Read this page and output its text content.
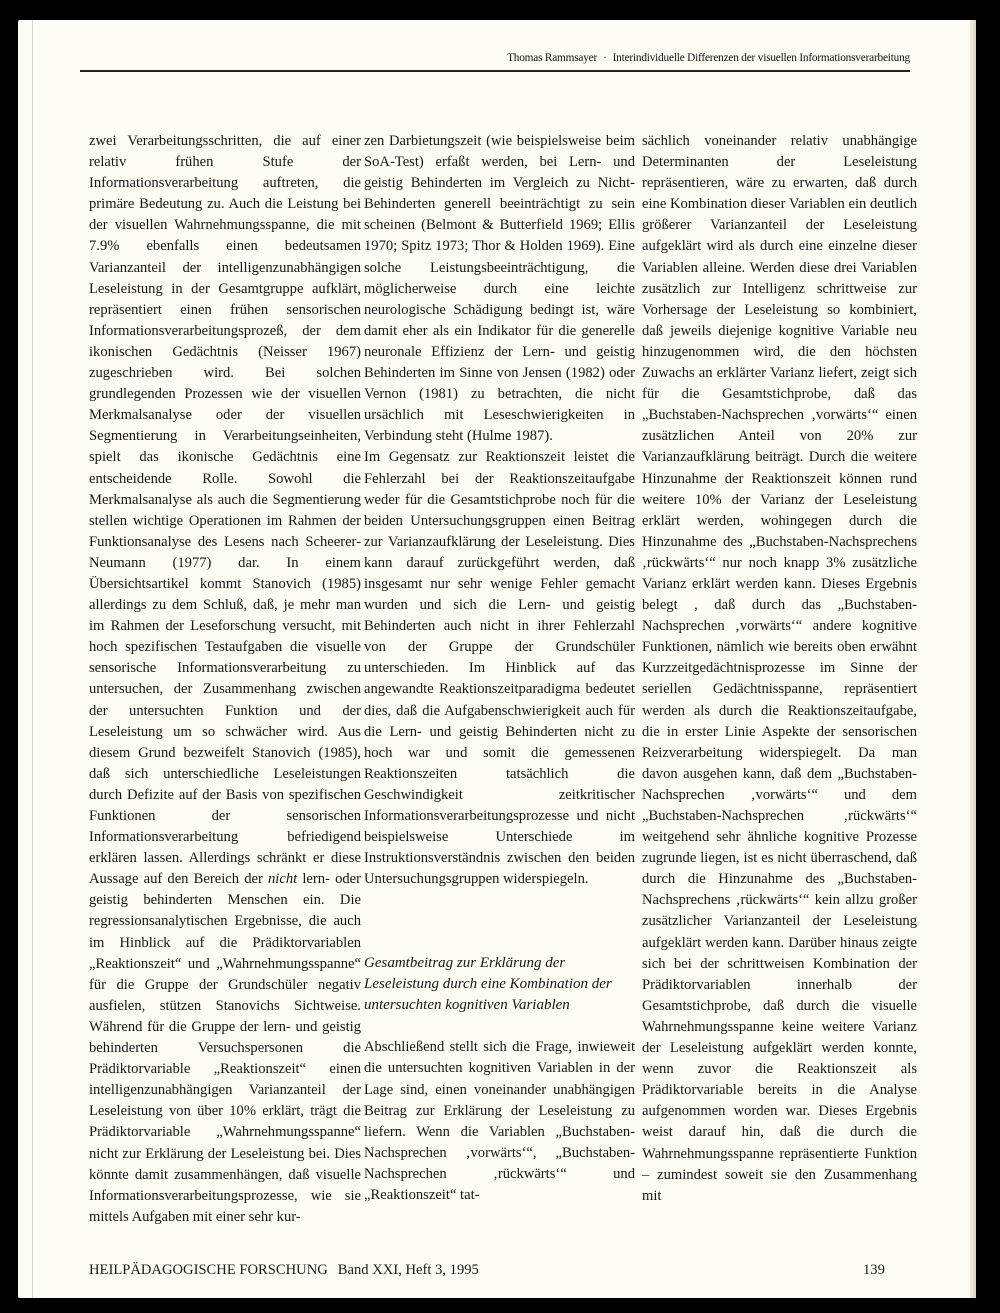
Thomas Rammsayer · Interindividuelle Differenzen der visuellen Informationsverarbeitung

zwei Verarbeitungsschritten, die auf einer relativ frühen Stufe der Informationsverarbeitung auftreten, die primäre Bedeutung zu. Auch die Leistung bei der visuellen Wahrnehmungsspanne, die mit 7.9% ebenfalls einen bedeutsamen Varianzanteil der intelligenzunabhängigen Leseleistung in der Gesamtgruppe aufklärt, repräsentiert einen frühen sensorischen Informationsverarbeitungsprozeß, der dem ikonischen Gedächtnis (Neisser 1967) zugeschrieben wird. Bei solchen grundlegenden Prozessen wie der visuellen Merkmalsanalyse oder der visuellen Segmentierung in Verarbeitungseinheiten, spielt das ikonische Gedächtnis eine entscheidende Rolle. Sowohl die Merkmalsanalyse als auch die Segmentierung stellen wichtige Operationen im Rahmen der Funktionsanalyse des Lesens nach Scheerer-Neumann (1977) dar. In einem Übersichtsartikel kommt Stanovich (1985) allerdings zu dem Schluß, daß, je mehr man im Rahmen der Leseforschung versucht, mit hoch spezifischen Testaufgaben die visuelle sensorische Informationsverarbeitung zu untersuchen, der Zusammenhang zwischen der untersuchten Funktion und der Leseleistung um so schwächer wird. Aus diesem Grund bezweifelt Stanovich (1985), daß sich unterschiedliche Leseleistungen durch Defizite auf der Basis von spezifischen Funktionen der sensorischen Informationsverarbeitung befriedigend erklären lassen. Allerdings schränkt er diese Aussage auf den Bereich der nicht lern- oder geistig behinderten Menschen ein. Die regressionsanalytischen Ergebnisse, die auch im Hinblick auf die Prädiktorvariablen „Reaktionszeit“ und „Wahrnehmungsspanne“ für die Gruppe der Grundschüler negativ ausfielen, stützen Stanovichs Sichtweise. Während für die Gruppe der lern- und geistig behinderten Versuchspersonen die Prädiktorvariable „Reaktionszeit“ einen intelligenzunabhängigen Varianzanteil der Leseleistung von über 10% erklärt, trägt die Prädiktorvariable „Wahrnehmungsspanne“ nicht zur Erklärung der Leseleistung bei. Dies könnte damit zusammenhängen, daß visuelle Informationsverarbeitungsprozesse, wie sie mittels Aufgaben mit einer sehr kur-

zen Darbietungszeit (wie beispielsweise beim SoA-Test) erfaßt werden, bei Lern- und geistig Behinderten im Vergleich zu Nicht-Behinderten generell beeinträchtigt zu sein scheinen (Belmont & Butterfield 1969; Ellis 1970; Spitz 1973; Thor & Holden 1969). Eine solche Leistungsbeeinträchtigung, die möglicherweise durch eine leichte neurologische Schädigung bedingt ist, wäre damit eher als ein Indikator für die generelle neuronale Effizienz der Lern- und geistig Behinderten im Sinne von Jensen (1982) oder Vernon (1981) zu betrachten, die nicht ursächlich mit Leseschwierigkeiten in Verbindung steht (Hulme 1987).

Im Gegensatz zur Reaktionszeit leistet die Fehlerzahl bei der Reaktionszeitaufgabe weder für die Gesamtstichprobe noch für die beiden Untersuchungsgruppen einen Beitrag zur Varianzaufklärung der Leseleistung. Dies kann darauf zurückgeführt werden, daß insgesamt nur sehr wenige Fehler gemacht wurden und sich die Lern- und geistig Behinderten auch nicht in ihrer Fehlerzahl von der Gruppe der Grundschüler unterschieden. Im Hinblick auf das angewandte Reaktionszeitparadigma bedeutet dies, daß die Aufgabenschwierigkeit auch für die Lern- und geistig Behinderten nicht zu hoch war und somit die gemessenen Reaktionszeiten tatsächlich die Geschwindigkeit zeitkritischer Informationsverarbeitungsprozesse und nicht beispielsweise Unterschiede im Instruktionsverständnis zwischen den beiden Untersuchungsgruppen widerspiegeln.

Gesamtbeitrag zur Erklärung der Leseleistung durch eine Kombination der untersuchten kognitiven Variablen

Abschließend stellt sich die Frage, inwieweit die untersuchten kognitiven Variablen in der Lage sind, einen voneinander unabhängigen Beitrag zur Erklärung der Leseleistung zu liefern. Wenn die Variablen „Buchstaben-Nachsprechen ‚vorwärts‘“, „Buchstaben-Nachsprechen ‚rückwärts‘“ und „Reaktionszeit“ tat-

sächlich voneinander relativ unabhängige Determinanten der Leseleistung repräsentieren, wäre zu erwarten, daß durch eine Kombination dieser Variablen ein deutlich größerer Varianzanteil der Leseleistung aufgeklärt wird als durch eine einzelne dieser Variablen alleine. Werden diese drei Variablen zusätzlich zur Intelligenz schrittweise zur Vorhersage der Leseleistung so kombiniert, daß jeweils diejenige kognitive Variable neu hinzugenommen wird, die den höchsten Zuwachs an erklärter Varianz liefert, zeigt sich für die Gesamtstichprobe, daß das „Buchstaben-Nachsprechen ‚vorwärts‘“ einen zusätzlichen Anteil von 20% zur Varianzaufklärung beiträgt. Durch die weitere Hinzunahme der Reaktionszeit können rund weitere 10% der Varianz der Leseleistung erklärt werden, wohingegen durch die Hinzunahme des „Buchstaben-Nachsprechens ‚rückwärts‘“ nur noch knapp 3% zusätzliche Varianz erklärt werden kann. Dieses Ergebnis belegt , daß durch das „Buchstaben-Nachsprechen ‚vorwärts‘“ andere kognitive Funktionen, nämlich wie bereits oben erwähnt Kurzzeitgedächtnisprozesse im Sinne der seriellen Gedächtnisspanne, repräsentiert werden als durch die Reaktionszeitaufgabe, die in erster Linie Aspekte der sensorischen Reizverarbeitung widerspiegelt. Da man davon ausgehen kann, daß dem „Buchstaben-Nachsprechen ‚vorwärts‘“ und dem „Buchstaben-Nachsprechen ‚rückwärts‘“ weitgehend sehr ähnliche kognitive Prozesse zugrunde liegen, ist es nicht überraschend, daß durch die Hinzunahme des „Buchstaben-Nachsprechens ‚rückwärts‘“ kein allzu großer zusätzlicher Varianzanteil der Leseleistung aufgeklärt werden kann. Darüber hinaus zeigte sich bei der schrittweisen Kombination der Prädiktorvariablen innerhalb der Gesamtstichprobe, daß durch die visuelle Wahrnehmungsspanne keine weitere Varianz der Leseleistung aufgeklärt werden konnte, wenn zuvor die Reaktionszeit als Prädiktorvariable bereits in die Analyse aufgenommen worden war. Dieses Ergebnis weist darauf hin, daß die durch die Wahrnehmungsspanne repräsentierte Funktion – zumindest soweit sie den Zusammenhang mit

HEILPÄDAGOGISCHE FORSCHUNG Band XXI, Heft 3, 1995	139
